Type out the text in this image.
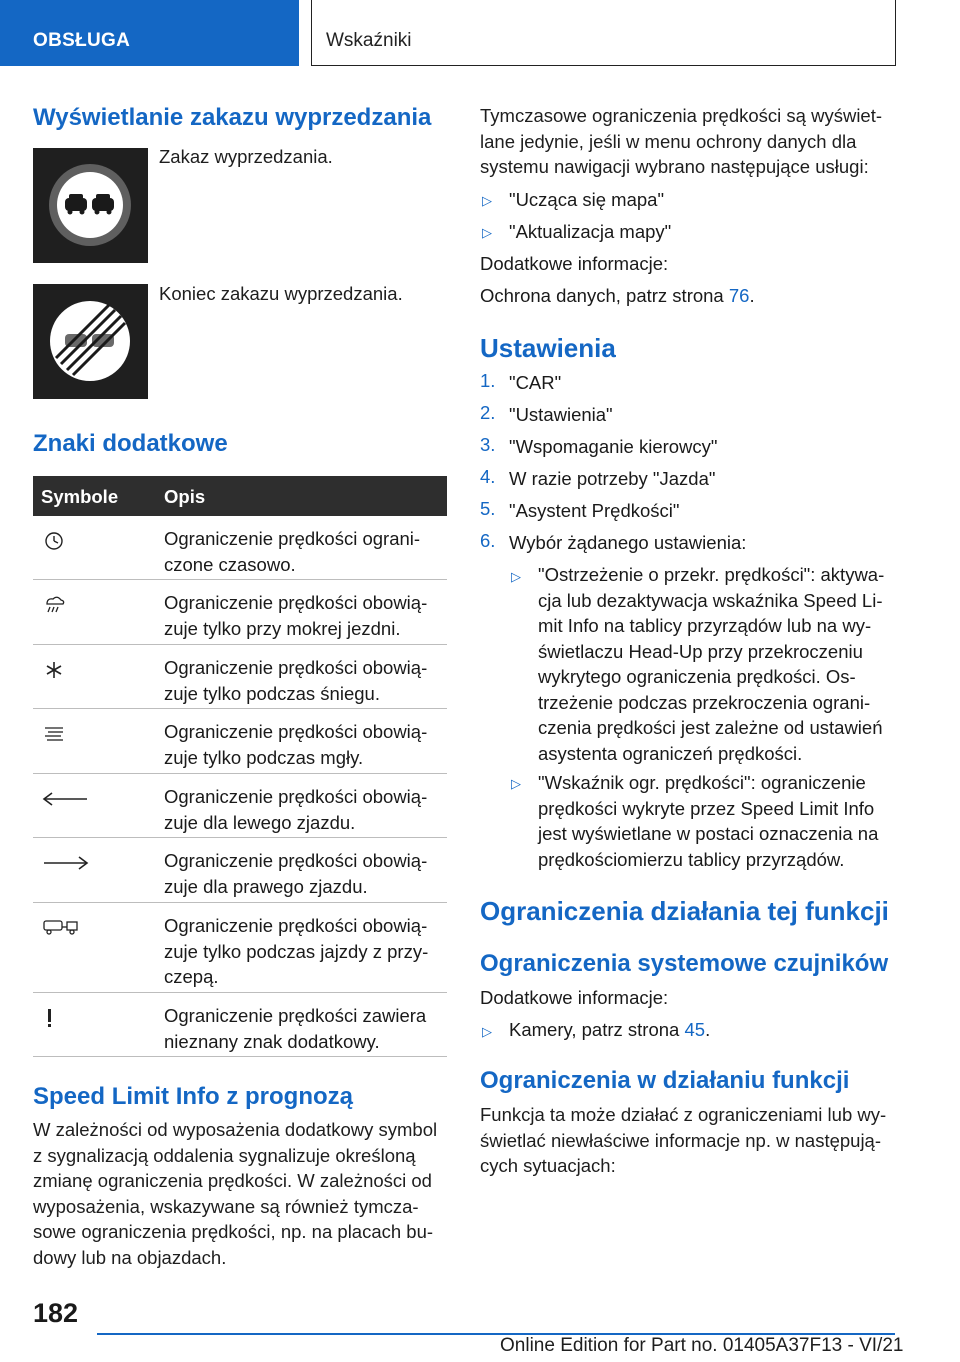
OBSŁUGA	Wskaźniki
Wyświetlanie zakazu wyprzedzania
Zakaz wyprzedzania.
Koniec zakazu wyprzedzania.
Znaki dodatkowe
Symbole Opis
Ograniczenie prędkości ograni-
czone czasowo.
Ograniczenie prędkości obowią-
zuje tylko przy mokrej jezdni.
Ograniczenie prędkości obowią-
zuje tylko podczas śniegu.
Ograniczenie prędkości obowią-
zuje tylko podczas mgły.
Ograniczenie prędkości obowią-
zuje dla lewego zjazdu.
Ograniczenie prędkości obowią-
zuje dla prawego zjazdu.
Ograniczenie prędkości obowią-
zuje tylko podczas jajzdy z przy-
czepą.
Ograniczenie prędkości zawiera
nieznany znak dodatkowy.
Speed Limit Info z prognozą
W zależności od wyposażenia dodatkowy symbol
z sygnalizacją oddalenia sygnalizuje określoną
zmianę ograniczenia prędkości. W zależności od
wyposażenia, wskazywane są również tymcza-
sowe ograniczenia prędkości, np. na placach bu-
dowy lub na objazdach.
Tymczasowe ograniczenia prędkości są wyświet-
lane jedynie, jeśli w menu ochrony danych dla
systemu nawigacji wybrano następujące usługi:
▷ "Ucząca się mapa"
▷ "Aktualizacja mapy"
Dodatkowe informacje:
Ochrona danych, patrz strona 76.
Ustawienia
1. "CAR"
2. "Ustawienia"
3. "Wspomaganie kierowcy"
4. W razie potrzeby "Jazda"
5. "Asystent Prędkości"
6. Wybór żądanego ustawienia:
▷ "Ostrzeżenie o przekr. prędkości": aktywa-
cja lub dezaktywacja wskaźnika Speed Li-
mit Info na tablicy przyrządów lub na wy-
świetlaczu Head-Up przy przekroczeniu
wykrytego ograniczenia prędkości. Os-
trzeżenie podczas przekroczenia ograni-
czenia prędkości jest zależne od ustawień
asystenta ograniczeń prędkości.
▷ "Wskaźnik ogr. prędkości": ograniczenie
prędkości wykryte przez Speed Limit Info
jest wyświetlane w postaci oznaczenia na
prędkościomierzu tablicy przyrządów.
Ograniczenia działania tej funkcji
Ograniczenia systemowe czujników
Dodatkowe informacje:
▷ Kamery, patrz strona 45.
Ograniczenia w działaniu funkcji
Funkcja ta może działać z ograniczeniami lub wy-
świetlać niewłaściwe informacje np. w następują-
cych sytuacjach:
182
Online Edition for Part no. 01405A37F13 - VI/21
